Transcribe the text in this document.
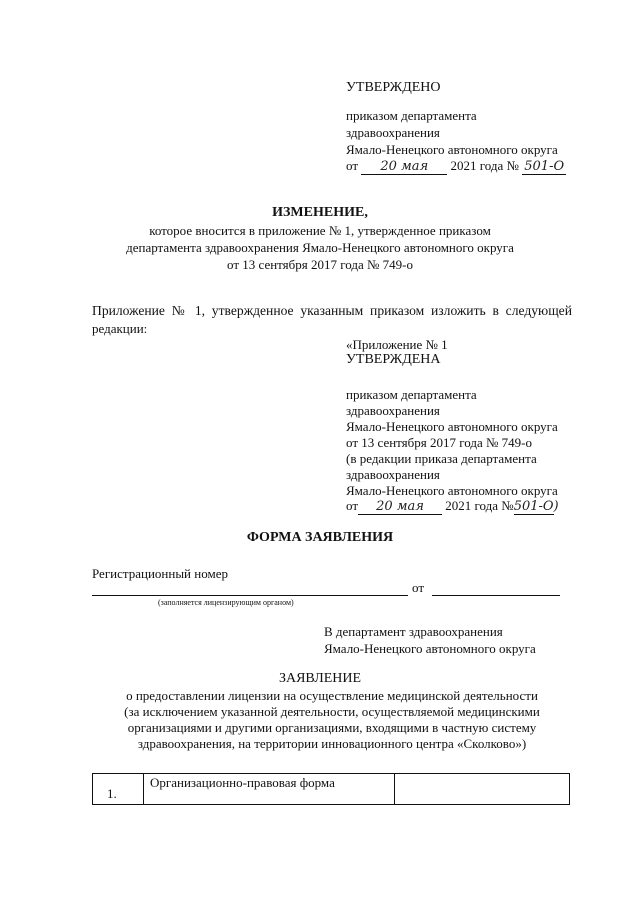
УТВЕРЖДЕНО
приказом департамента
здравоохранения
Ямало-Ненецкого автономного округа
от 20 мая 2021 года № 501-О
ИЗМЕНЕНИЕ,
которое вносится в приложение № 1, утвержденное приказом
департамента здравоохранения Ямало-Ненецкого автономного округа
от 13 сентября 2017 года № 749-о
Приложение № 1, утвержденное указанным приказом изложить в следующей
редакции:
«Приложение № 1
УТВЕРЖДЕНА
приказом департамента
здравоохранения
Ямало-Ненецкого автономного округа
от 13 сентября 2017 года № 749-о
(в редакции приказа департамента
здравоохранения
Ямало-Ненецкого автономного округа
от 20 мая 2021 года №501-О)
ФОРМА ЗАЯВЛЕНИЯ
Регистрационный номер
от
(заполняется лицензирующим органом)
В департамент здравоохранения
Ямало-Ненецкого автономного округа
ЗАЯВЛЕНИЕ
о предоставлении лицензии на осуществление медицинской деятельности
(за исключением указанной деятельности, осуществляемой медицинскими
организациями и другими организациями, входящими в частную систему
здравоохранения, на территории инновационного центра «Сколково»)
1.	Организационно-правовая форма	
